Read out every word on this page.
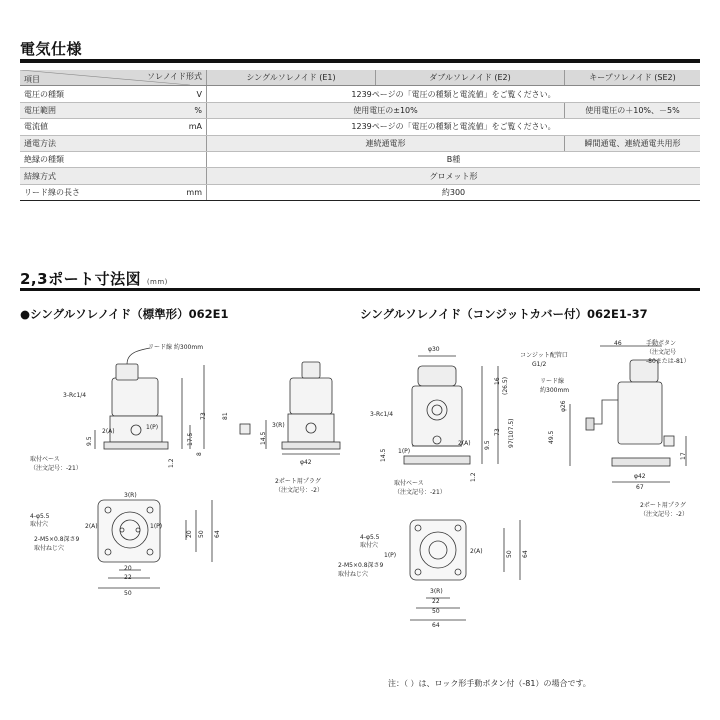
電気仕様
項目 ソレノイド形式		シングルソレノイド (E1)	ダブルソレノイド (E2)	キープソレノイド (SE2)
電圧の種類	V	1239ページの「電圧の種類と電流値」をご覧ください。		
電圧範囲	%	使用電圧の±10%		使用電圧の＋10%、－5%
電流値	mA	1239ページの「電圧の種類と電流値」をご覧ください。		
通電方法		連続通電形		瞬間通電、連続通電共用形
絶縁の種類		B種		
結線方式		グロメット形		
リード線の長さ	mm	約300		
2,3ポート寸法図 (mm)
●シングルソレノイド（標準形）062E1	シングルソレノイド（コンジットカバー付）062E1-37
リード線 約300mm
3-Rc1/4
2(A)
1(P)
取付ベース
（注文記号：-21）
3(R)
φ42
2ポート用プラグ
（注文記号：-2）
3(R)
4-φ5.5
取付穴	2(A)	1(P)
2-M5×0.8深さ9
取付ねじ穴
20
22
50
73	81
17.5
8
9.5
1.2
14.5
20 50 64
φ30
コンジット配管口
G1/2
リード線
約300mm
手動ボタン
（注文記号
-80または-81）
46
3-Rc1/4
2(A)
1(P)
取付ベース
（注文記号：-21）
φ42
67
2ポート用プラグ
（注文記号：-2）
4-φ5.5
取付穴
1(P)
2(A)
2-M5×0.8深さ9
取付ねじ穴
3(R)
22
50
64
16 (26.5)
73 97(107.5)	49.5
φ26
9.5
14.5
1.2
17
50 64
注：（ ）は、ロック形手動ボタン付（-81）の場合です。
